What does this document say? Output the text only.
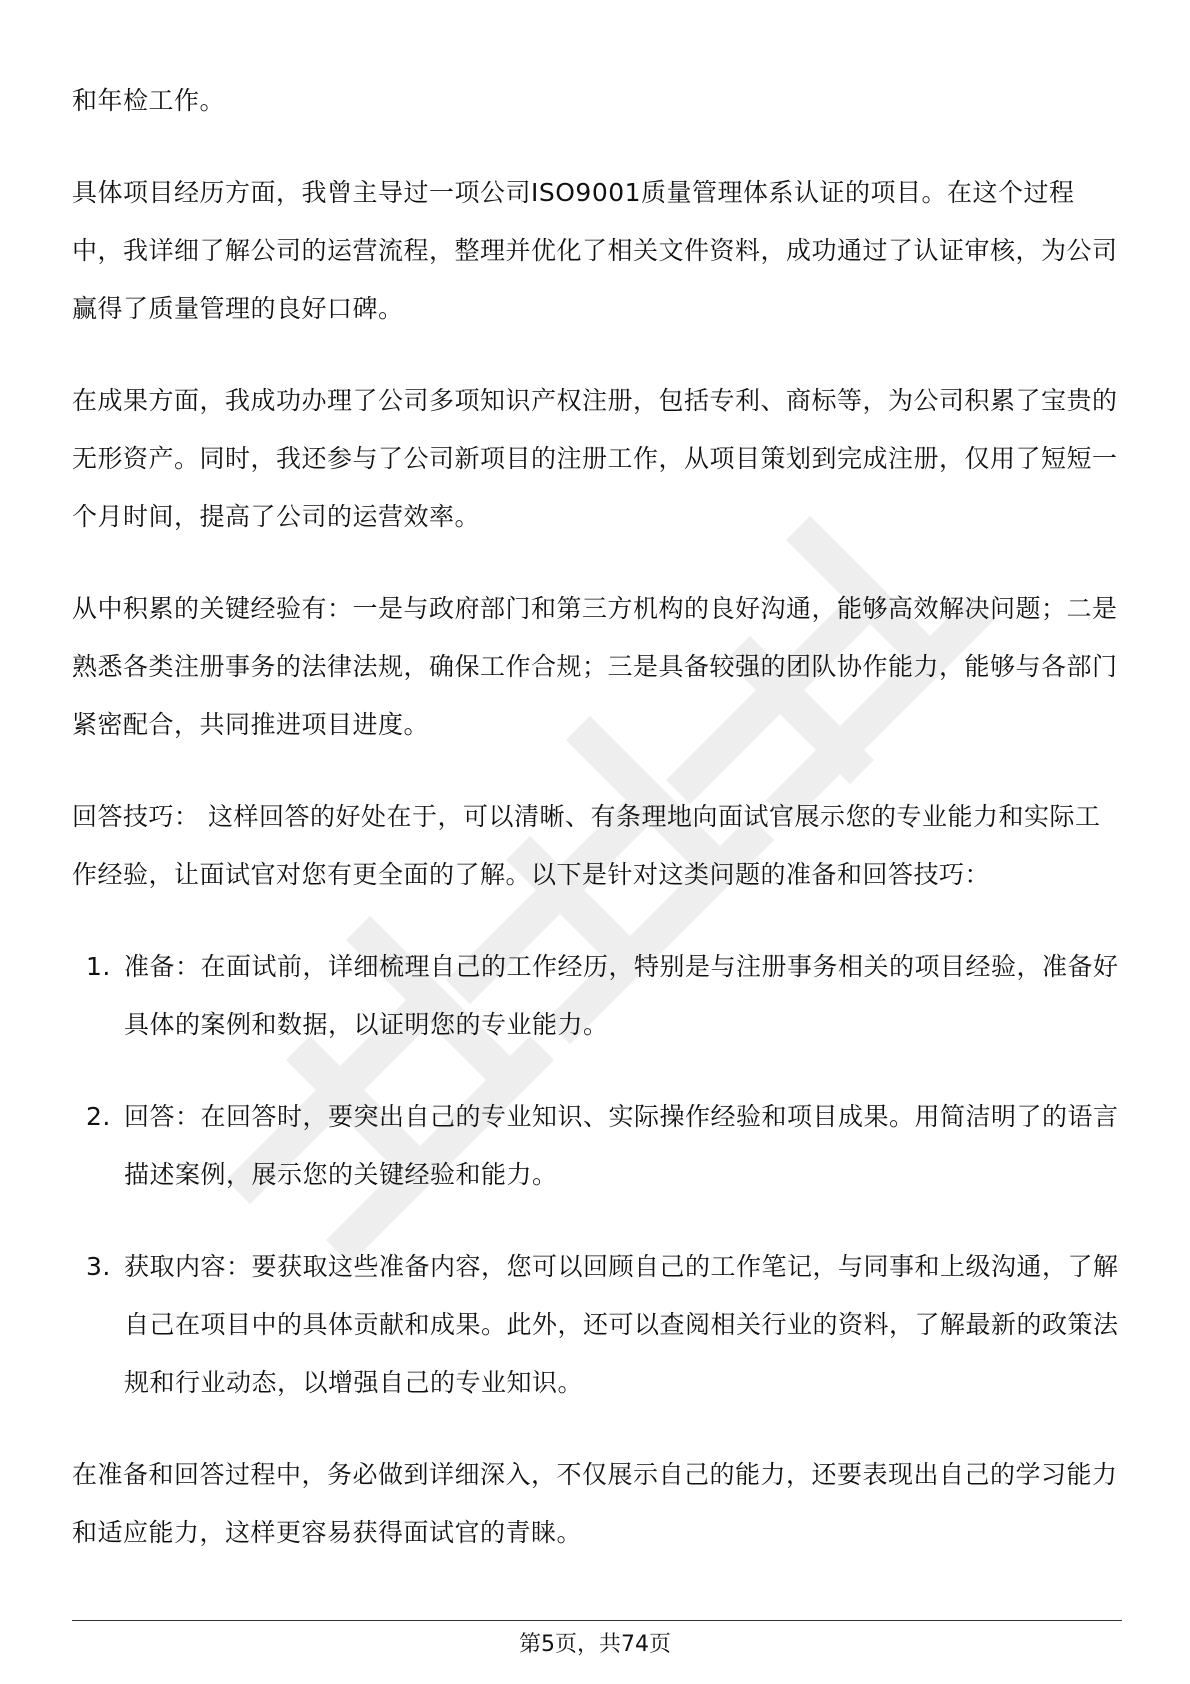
和年检工作。

具体项目经历方面，我曾主导过一项公司ISO9001质量管理体系认证的项目。在这个过程中，我详细了解公司的运营流程，整理并优化了相关文件资料，成功通过了认证审核，为公司赢得了质量管理的良好口碑。

在成果方面，我成功办理了公司多项知识产权注册，包括专利、商标等，为公司积累了宝贵的无形资产。同时，我还参与了公司新项目的注册工作，从项目策划到完成注册，仅用了短短一个月时间，提高了公司的运营效率。

从中积累的关键经验有：一是与政府部门和第三方机构的良好沟通，能够高效解决问题；二是熟悉各类注册事务的法律法规，确保工作合规；三是具备较强的团队协作能力，能够与各部门紧密配合，共同推进项目进度。

回答技巧： 这样回答的好处在于，可以清晰、有条理地向面试官展示您的专业能力和实际工作经验，让面试官对您有更全面的了解。以下是针对这类问题的准备和回答技巧：

1. 准备：在面试前，详细梳理自己的工作经历，特别是与注册事务相关的项目经验，准备好具体的案例和数据，以证明您的专业能力。
2. 回答：在回答时，要突出自己的专业知识、实际操作经验和项目成果。用简洁明了的语言描述案例，展示您的关键经验和能力。
3. 获取内容：要获取这些准备内容，您可以回顾自己的工作笔记，与同事和上级沟通，了解自己在项目中的具体贡献和成果。此外，还可以查阅相关行业的资料，了解最新的政策法规和行业动态，以增强自己的专业知识。

在准备和回答过程中，务必做到详细深入，不仅展示自己的能力，还要表现出自己的学习能力和适应能力，这样更容易获得面试官的青睐。

第5页，共74页
